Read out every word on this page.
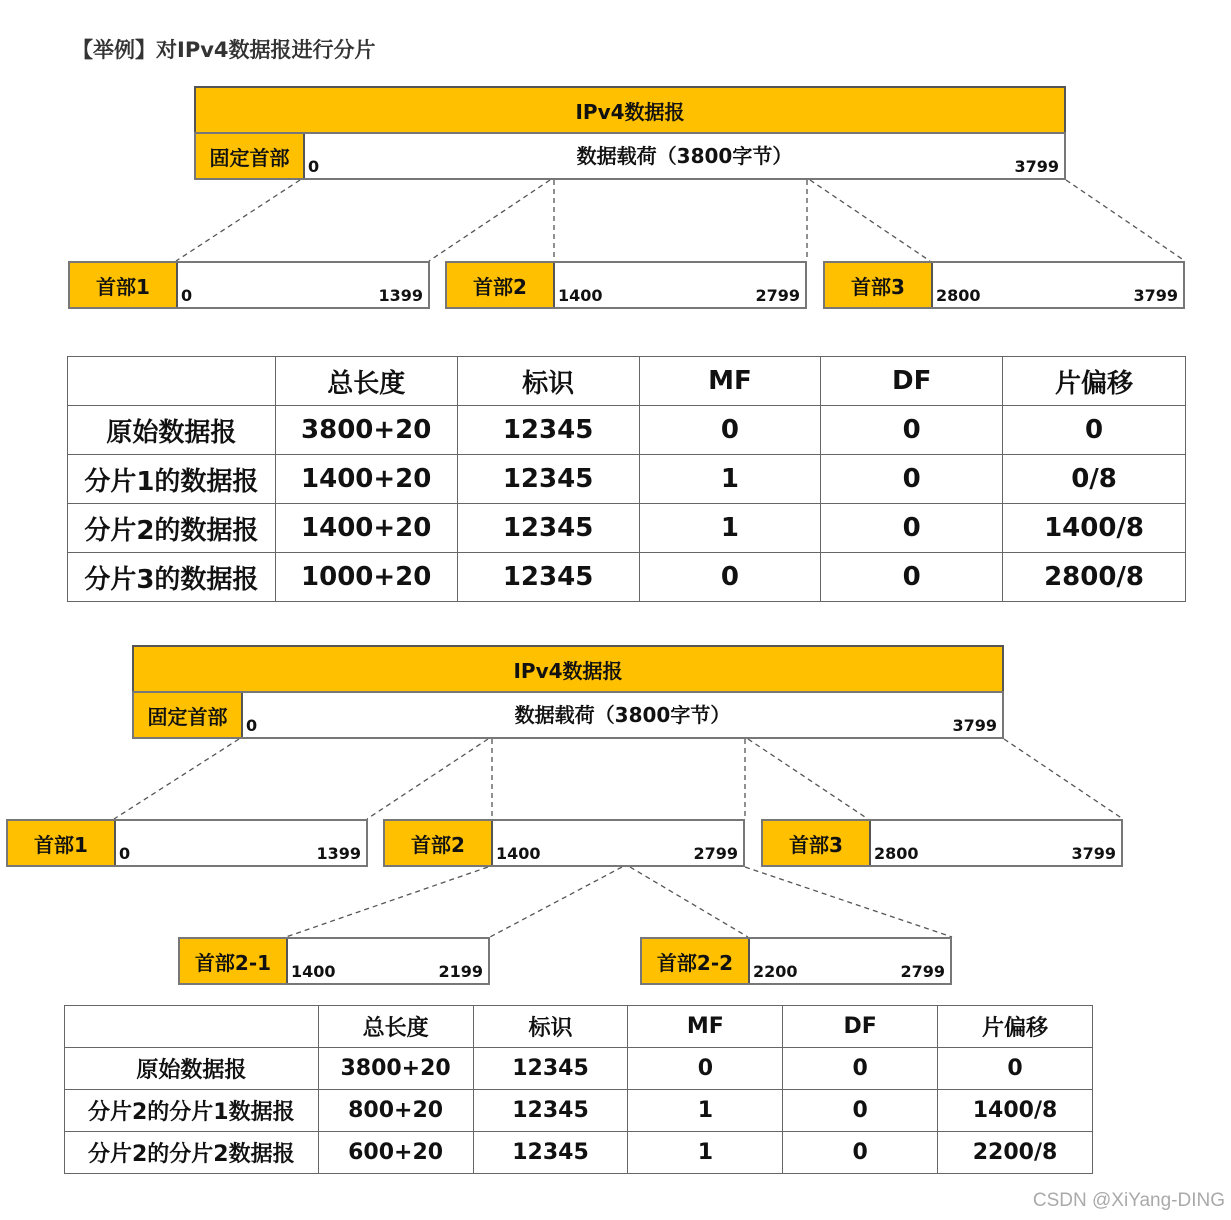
【举例】对IPv4数据报进行分片
IPv4数据报
固定首部	数据载荷（3800字节）
0	3799
首部1 0	1399	首部2 1400	2799	首部3 2800	3799
	总长度	标识	MF	DF	片偏移
原始数据报	3800+20	12345	0	0	0
分片1的数据报	1400+20	12345	1	0	0/8
分片2的数据报	1400+20	12345	1	0	1400/8
分片3的数据报	1000+20	12345	0	0	2800/8
IPv4数据报
固定首部	数据载荷（3800字节）
0	3799
首部1 0	1399	首部2 1400	2799	首部3 2800	3799
首部2-1 1400	2199	首部2-2 2200	2799
	总长度	标识	MF	DF	片偏移
原始数据报	3800+20	12345	0	0	0
分片2的分片1数据报	800+20	12345	1	0	1400/8
分片2的分片2数据报	600+20	12345	1	0	2200/8
CSDN @XiYang-DING
